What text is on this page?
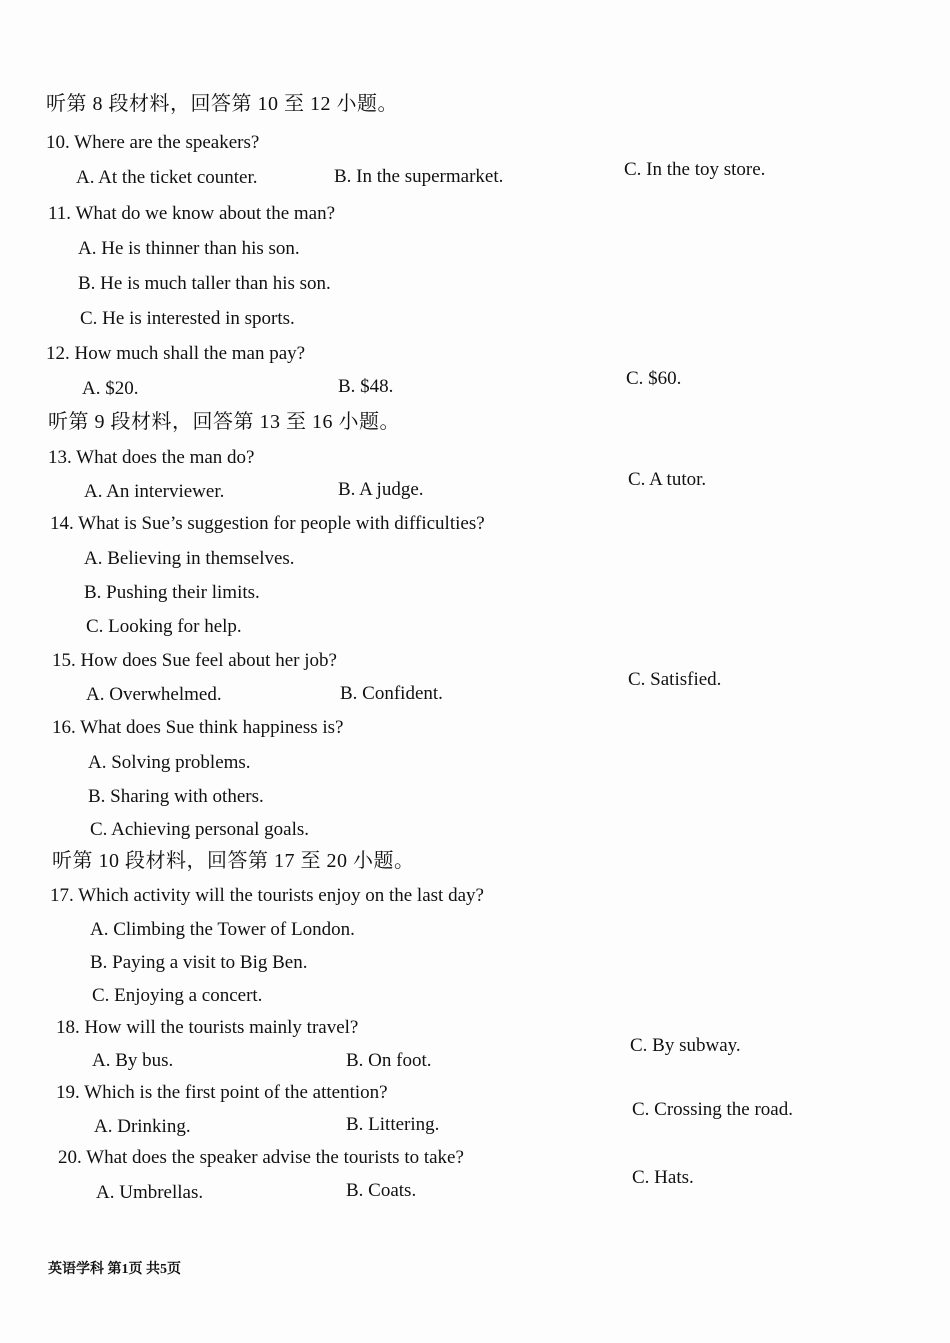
听第 8 段材料，回答第 10 至 12 小题。
10. Where are the speakers?
A. At the ticket counter.	B. In the supermarket.	C. In the toy store.
11. What do we know about the man?
A. He is thinner than his son.
B. He is much taller than his son.
C. He is interested in sports.
12. How much shall the man pay?
A. $20.	B. $48.	C. $60.
听第 9 段材料，回答第 13 至 16 小题。
13. What does the man do?
A. An interviewer.	B. A judge.	C. A tutor.
14. What is Sue’s suggestion for people with difficulties?
A. Believing in themselves.
B. Pushing their limits.
C. Looking for help.
15. How does Sue feel about her job?
A. Overwhelmed.	B. Confident.
C. Satisfied.
16. What does Sue think happiness is?
A. Solving problems.
B. Sharing with others.
C. Achieving personal goals.
听第 10 段材料，回答第 17 至 20 小题。
17. Which activity will the tourists enjoy on the last day?
A. Climbing the Tower of London.
B. Paying a visit to Big Ben.
C. Enjoying a concert.
18. How will the tourists mainly travel?
A. By bus.	B. On foot.
C. By subway.
19. Which is the first point of the attention?
A. Drinking.	B. Littering.
C. Crossing the road.
20. What does the speaker advise the tourists to take?
A. Umbrellas.	B. Coats.
C. Hats.
英语学科 第1页 共5页
